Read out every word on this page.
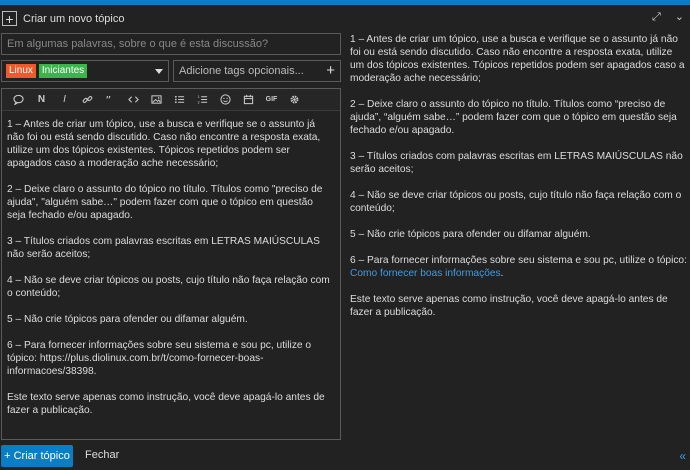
+ Criar um novo tópico	⤢ ⌄
Em algumas palavras, sobre o que é esta discussão?
Linux Iniciantes	Adicione tags opcionais... +
N	I	”	1
2	GIF

1 – Antes de criar um tópico, use a busca e verifique se o assunto já não foi ou está sendo discutido. Caso não encontre a resposta exata, utilize um dos tópicos existentes. Tópicos repetidos podem ser apagados caso a moderação ache necessário;

2 – Deixe claro o assunto do tópico no título. Títulos como "preciso de ajuda", "alguém sabe…" podem fazer com que o tópico em questão seja fechado e/ou apagado.

3 – Títulos criados com palavras escritas em LETRAS MAIÚSCULAS não serão aceitos;

4 – Não se deve criar tópicos ou posts, cujo título não faça relação com o conteúdo;

5 – Não crie tópicos para ofender ou difamar alguém.

6 – Para fornecer informações sobre seu sistema e sou pc, utilize o tópico: https://plus.diolinux.com.br/t/como-fornecer-boas-informacoes/38398.

Este texto serve apenas como instrução, você deve apagá-lo antes de fazer a publicação.

1 – Antes de criar um tópico, use a busca e verifique se o assunto já não foi ou está sendo discutido. Caso não encontre a resposta exata, utilize um dos tópicos existentes. Tópicos repetidos podem ser apagados caso a moderação ache necessário;

2 – Deixe claro o assunto do tópico no título. Títulos como “preciso de ajuda”, “alguém sabe…” podem fazer com que o tópico em questão seja fechado e/ou apagado.

3 – Títulos criados com palavras escritas em LETRAS MAIÚSCULAS não serão aceitos;

4 – Não se deve criar tópicos ou posts, cujo título não faça relação com o conteúdo;

5 – Não crie tópicos para ofender ou difamar alguém.

6 – Para fornecer informações sobre seu sistema e sou pc, utilize o tópico: Como fornecer boas informações.

Este texto serve apenas como instrução, você deve apagá-lo antes de fazer a publicação.

+ Criar tópico Fechar	«
